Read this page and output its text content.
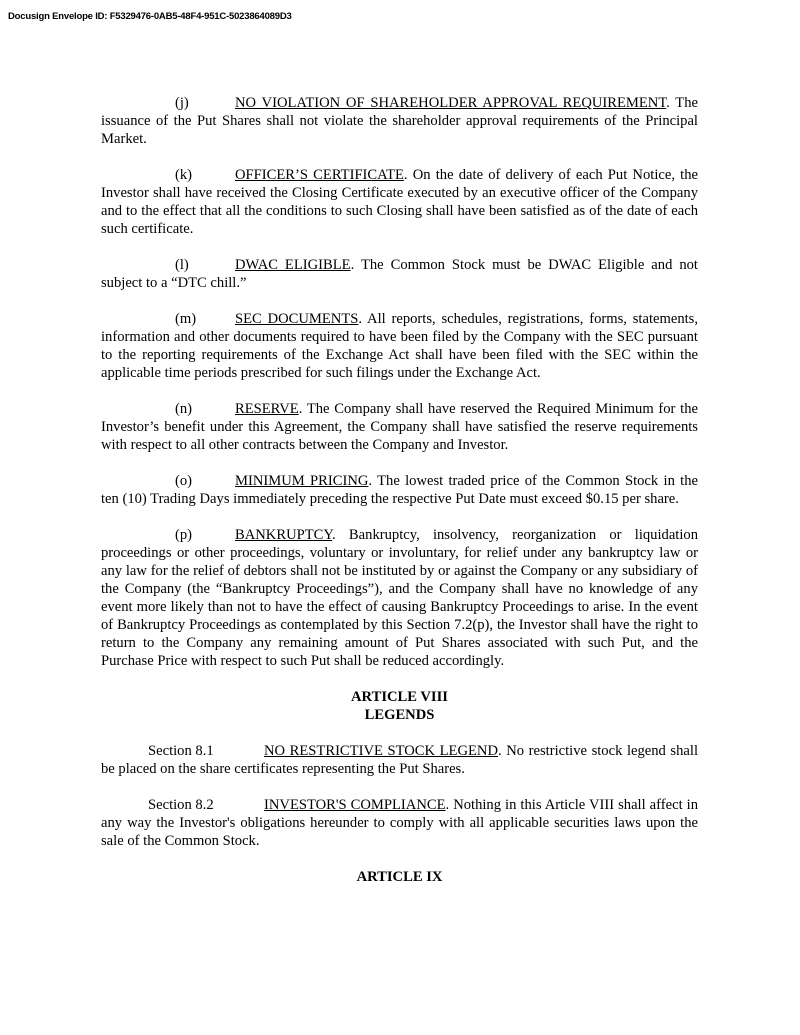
Docusign Envelope ID: F5329476-0AB5-48F4-951C-5023864089D3

(j)	NO VIOLATION OF SHAREHOLDER APPROVAL REQUIREMENT. The issuance of the Put Shares shall not violate the shareholder approval requirements of the Principal Market.

(k)	OFFICER’S CERTIFICATE. On the date of delivery of each Put Notice, the Investor shall have received the Closing Certificate executed by an executive officer of the Company and to the effect that all the conditions to such Closing shall have been satisfied as of the date of each such certificate.

(l)	DWAC ELIGIBLE. The Common Stock must be DWAC Eligible and not subject to a “DTC chill.”

(m)	SEC DOCUMENTS. All reports, schedules, registrations, forms, statements, information and other documents required to have been filed by the Company with the SEC pursuant to the reporting requirements of the Exchange Act shall have been filed with the SEC within the applicable time periods prescribed for such filings under the Exchange Act.

(n)	RESERVE. The Company shall have reserved the Required Minimum for the Investor’s benefit under this Agreement, the Company shall have satisfied the reserve requirements with respect to all other contracts between the Company and Investor.

(o)	MINIMUM PRICING. The lowest traded price of the Common Stock in the ten (10) Trading Days immediately preceding the respective Put Date must exceed $0.15 per share.

(p)	BANKRUPTCY. Bankruptcy, insolvency, reorganization or liquidation proceedings or other proceedings, voluntary or involuntary, for relief under any bankruptcy law or any law for the relief of debtors shall not be instituted by or against the Company or any subsidiary of the Company (the “Bankruptcy Proceedings”), and the Company shall have no knowledge of any event more likely than not to have the effect of causing Bankruptcy Proceedings to arise. In the event of Bankruptcy Proceedings as contemplated by this Section 7.2(p), the Investor shall have the right to return to the Company any remaining amount of Put Shares associated with such Put, and the Purchase Price with respect to such Put shall be reduced accordingly.

ARTICLE VIII

LEGENDS

Section 8.1	NO RESTRICTIVE STOCK LEGEND. No restrictive stock legend shall be placed on the share certificates representing the Put Shares.

Section 8.2	INVESTOR'S COMPLIANCE. Nothing in this Article VIII shall affect in any way the Investor's obligations hereunder to comply with all applicable securities laws upon the sale of the Common Stock.

ARTICLE IX
